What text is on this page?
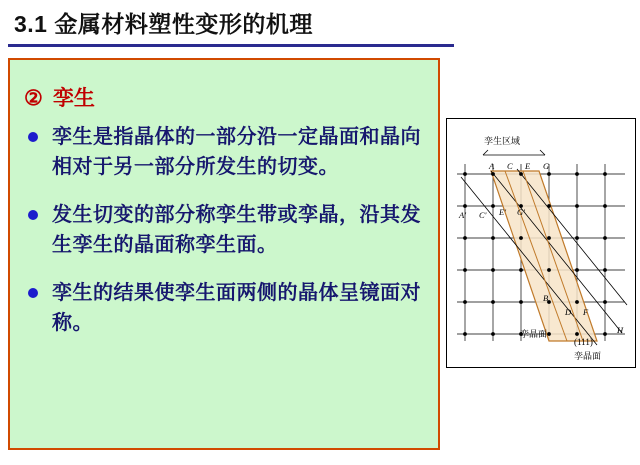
3.1 金属材料塑性变形的机理
② 孪生
孪生是指晶体的一部分沿一定晶面和晶向相对于另一部分所发生的切变。
发生切变的部分称孪生带或孪晶，沿其发生孪生的晶面称孪生面。
孪生的结果使孪生面两侧的晶体呈镜面对称。
A C E G
A' C' E' G'
B
D F
H
孪生区域
孪晶面
(111)
孪晶面
